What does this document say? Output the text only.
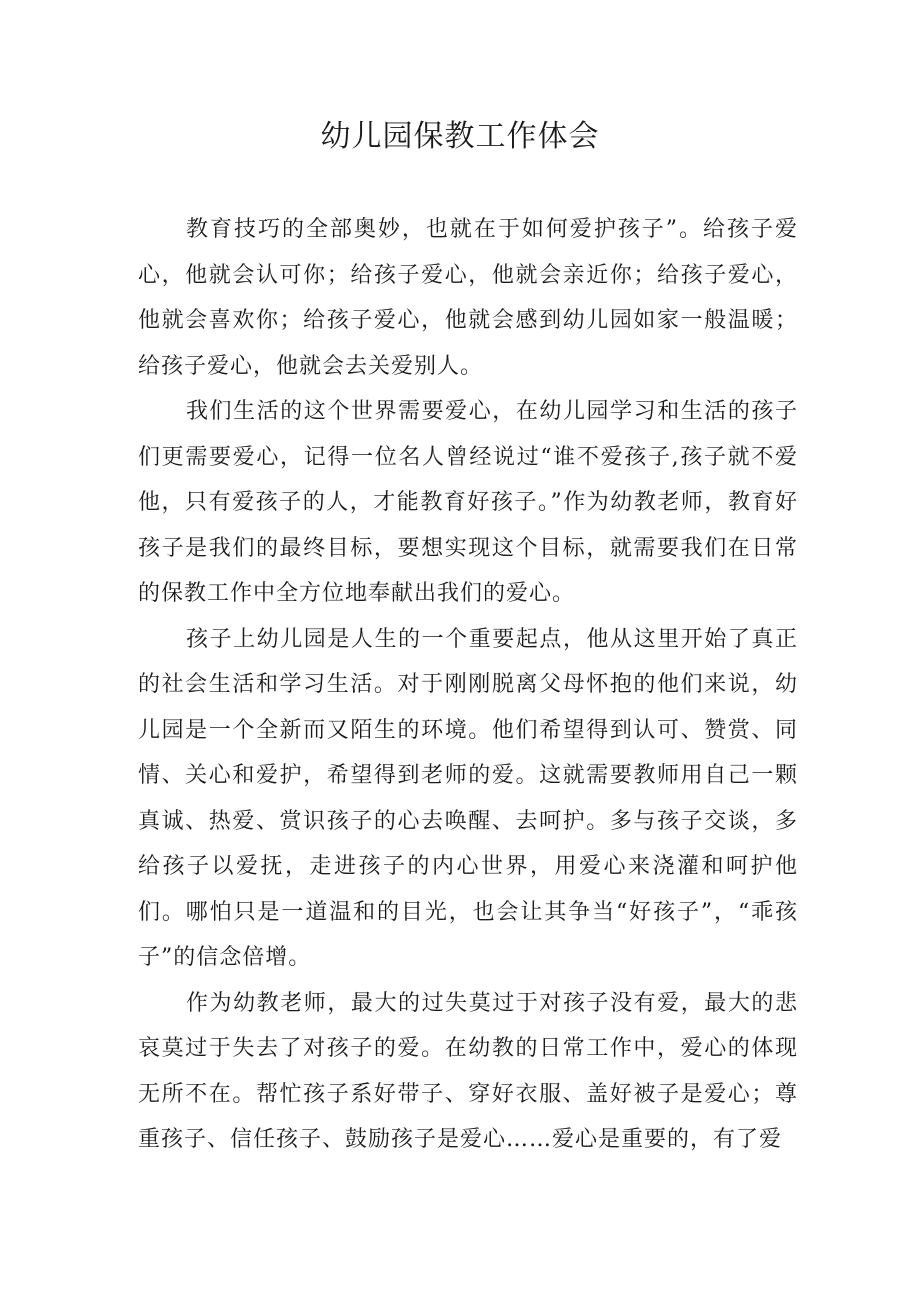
幼儿园保教工作体会

教育技巧的全部奥妙，也就在于如何爱护孩子”。给孩子爱心，他就会认可你；给孩子爱心，他就会亲近你；给孩子爱心，他就会喜欢你；给孩子爱心，他就会感到幼儿园如家一般温暖；给孩子爱心，他就会去关爱别人。

我们生活的这个世界需要爱心，在幼儿园学习和生活的孩子们更需要爱心，记得一位名人曾经说过“谁不爱孩子,孩子就不爱他，只有爱孩子的人，才能教育好孩子。”作为幼教老师，教育好孩子是我们的最终目标，要想实现这个目标，就需要我们在日常的保教工作中全方位地奉献出我们的爱心。

孩子上幼儿园是人生的一个重要起点，他从这里开始了真正的社会生活和学习生活。对于刚刚脱离父母怀抱的他们来说，幼儿园是一个全新而又陌生的环境。他们希望得到认可、赞赏、同情、关心和爱护，希望得到老师的爱。这就需要教师用自己一颗真诚、热爱、赏识孩子的心去唤醒、去呵护。多与孩子交谈，多给孩子以爱抚，走进孩子的内心世界，用爱心来浇灌和呵护他们。哪怕只是一道温和的目光，也会让其争当“好孩子”，“乖孩子”的信念倍增。

作为幼教老师，最大的过失莫过于对孩子没有爱，最大的悲哀莫过于失去了对孩子的爱。在幼教的日常工作中，爱心的体现无所不在。帮忙孩子系好带子、穿好衣服、盖好被子是爱心；尊重孩子、信任孩子、鼓励孩子是爱心……爱心是重要的，有了爱
